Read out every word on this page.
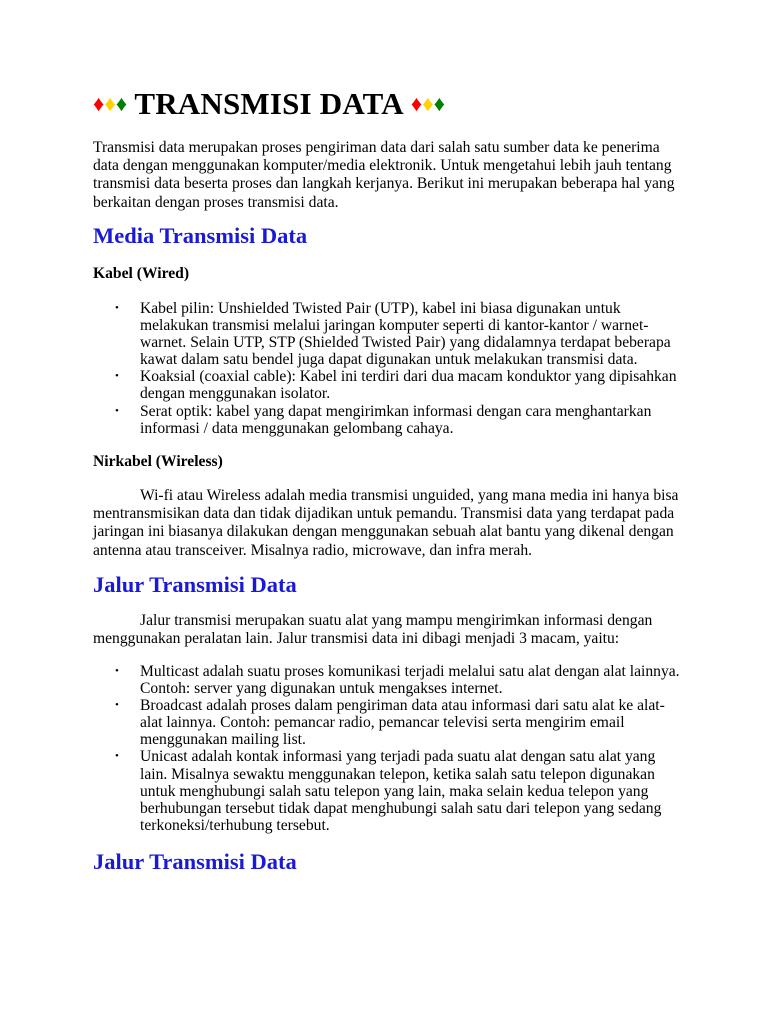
♦♦♦ TRANSMISI DATA ♦♦♦

Transmisi data merupakan proses pengiriman data dari salah satu sumber data ke penerima data dengan menggunakan komputer/media elektronik. Untuk mengetahui lebih jauh tentang transmisi data beserta proses dan langkah kerjanya. Berikut ini merupakan beberapa hal yang berkaitan dengan proses transmisi data.

Media Transmisi Data
Kabel (Wired)
• Kabel pilin: Unshielded Twisted Pair (UTP), kabel ini biasa digunakan untuk melakukan transmisi melalui jaringan komputer seperti di kantor-kantor / warnet-warnet. Selain UTP, STP (Shielded Twisted Pair) yang didalamnya terdapat beberapa kawat dalam satu bendel juga dapat digunakan untuk melakukan transmisi data.
• Koaksial (coaxial cable): Kabel ini terdiri dari dua macam konduktor yang dipisahkan dengan menggunakan isolator.
• Serat optik: kabel yang dapat mengirimkan informasi dengan cara menghantarkan informasi / data menggunakan gelombang cahaya.
Nirkabel (Wireless)

Wi-fi atau Wireless adalah media transmisi unguided, yang mana media ini hanya bisa mentransmisikan data dan tidak dijadikan untuk pemandu. Transmisi data yang terdapat pada jaringan ini biasanya dilakukan dengan menggunakan sebuah alat bantu yang dikenal dengan antenna atau transceiver. Misalnya radio, microwave, dan infra merah.

Jalur Transmisi Data

Jalur transmisi merupakan suatu alat yang mampu mengirimkan informasi dengan menggunakan peralatan lain. Jalur transmisi data ini dibagi menjadi 3 macam, yaitu:

• Multicast adalah suatu proses komunikasi terjadi melalui satu alat dengan alat lainnya. Contoh: server yang digunakan untuk mengakses internet.
• Broadcast adalah proses dalam pengiriman data atau informasi dari satu alat ke alat-alat lainnya. Contoh: pemancar radio, pemancar televisi serta mengirim email menggunakan mailing list.
• Unicast adalah kontak informasi yang terjadi pada suatu alat dengan satu alat yang lain. Misalnya sewaktu menggunakan telepon, ketika salah satu telepon digunakan untuk menghubungi salah satu telepon yang lain, maka selain kedua telepon yang berhubungan tersebut tidak dapat menghubungi salah satu dari telepon yang sedang terkoneksi/terhubung tersebut.
Jalur Transmisi Data
